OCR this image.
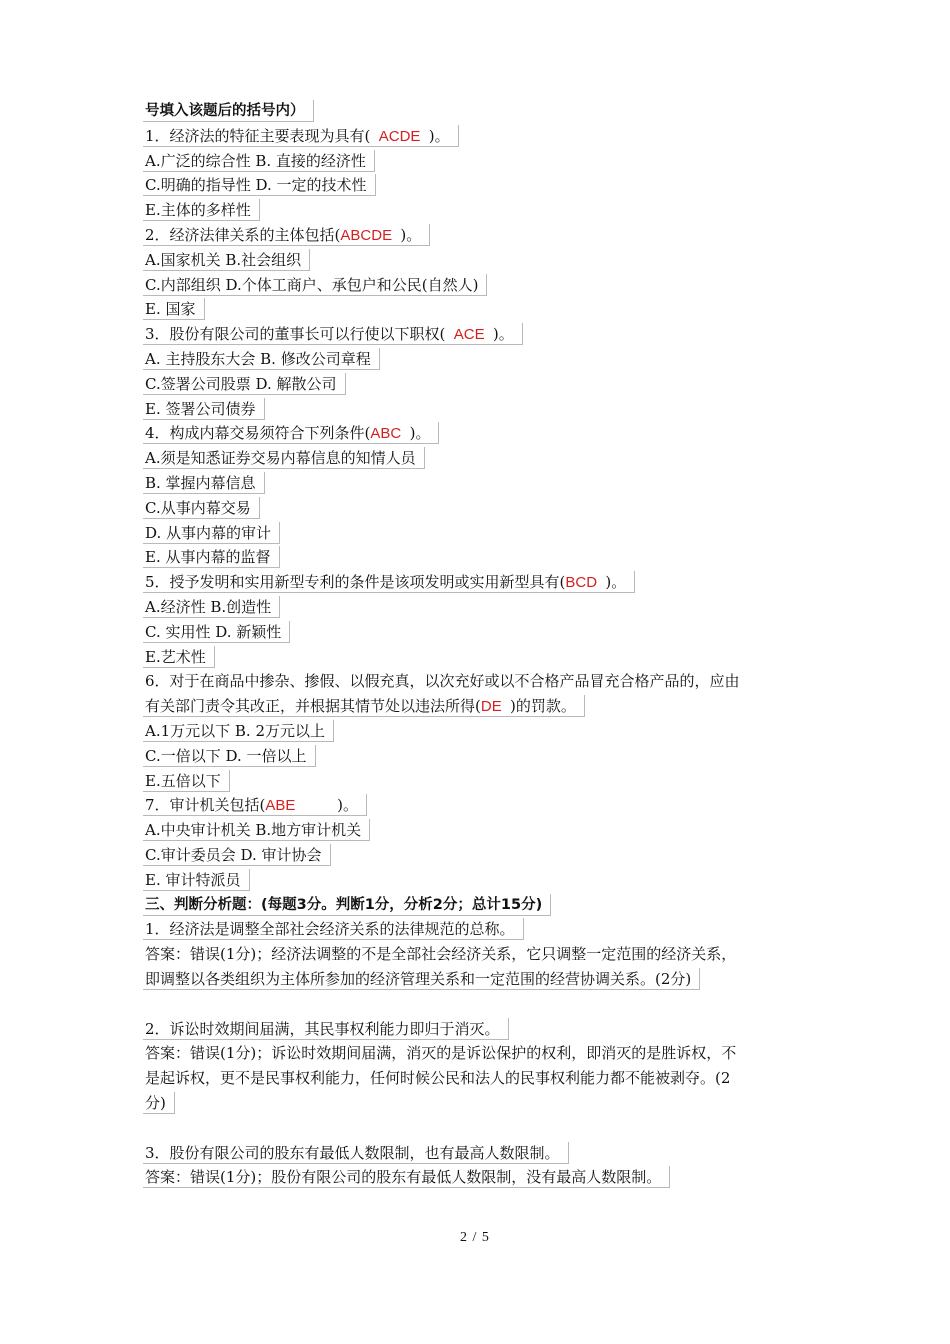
号填入该题后的括号内）
1．经济法的特征主要表现为具有(  ACDE  )。
A.广泛的综合性 B. 直接的经济性
C.明确的指导性 D. 一定的技术性
E.主体的多样性
2．经济法律关系的主体包括(ABCDE  )。
A.国家机关 B.社会组织
C.内部组织 D.个体工商户、承包户和公民(自然人)
E. 国家
3．股份有限公司的董事长可以行使以下职权(  ACE  )。
A. 主持股东大会 B. 修改公司章程
C.签署公司股票 D. 解散公司
E. 签署公司债券
4．构成内幕交易须符合下列条件(ABC  )。
A.须是知悉证券交易内幕信息的知情人员
B. 掌握内幕信息
C.从事内幕交易
D. 从事内幕的审计
E. 从事内幕的监督
5．授予发明和实用新型专利的条件是该项发明或实用新型具有(BCD  )。
A.经济性 B.创造性
C. 实用性 D. 新颖性
E.艺术性
6．对于在商品中掺杂、掺假、以假充真，以次充好或以不合格产品冒充合格产品的，应由
有关部门责令其改正，并根据其情节处以违法所得(DE  )的罚款。
A.1万元以下 B. 2万元以上
C.一倍以下 D. 一倍以上
E.五倍以下
7．审计机关包括(ABE          )。
A.中央审计机关 B.地方审计机关
C.审计委员会 D. 审计协会
E. 审计特派员
三、判断分析题：(每题3分。判断1分，分析2分；总计15分)
1．经济法是调整全部社会经济关系的法律规范的总称。
答案：错误(1分)；经济法调整的不是全部社会经济关系，它只调整一定范围的经济关系，
即调整以各类组织为主体所参加的经济管理关系和一定范围的经营协调关系。(2分)
2．诉讼时效期间届满，其民事权利能力即归于消灭。
答案：错误(1分)；诉讼时效期间届满，消灭的是诉讼保护的权利，即消灭的是胜诉权，不
是起诉权，更不是民事权利能力，任何时候公民和法人的民事权利能力都不能被剥夺。(2
分)
3．股份有限公司的股东有最低人数限制，也有最高人数限制。
答案：错误(1分)；股份有限公司的股东有最低人数限制，没有最高人数限制。
2 / 5
